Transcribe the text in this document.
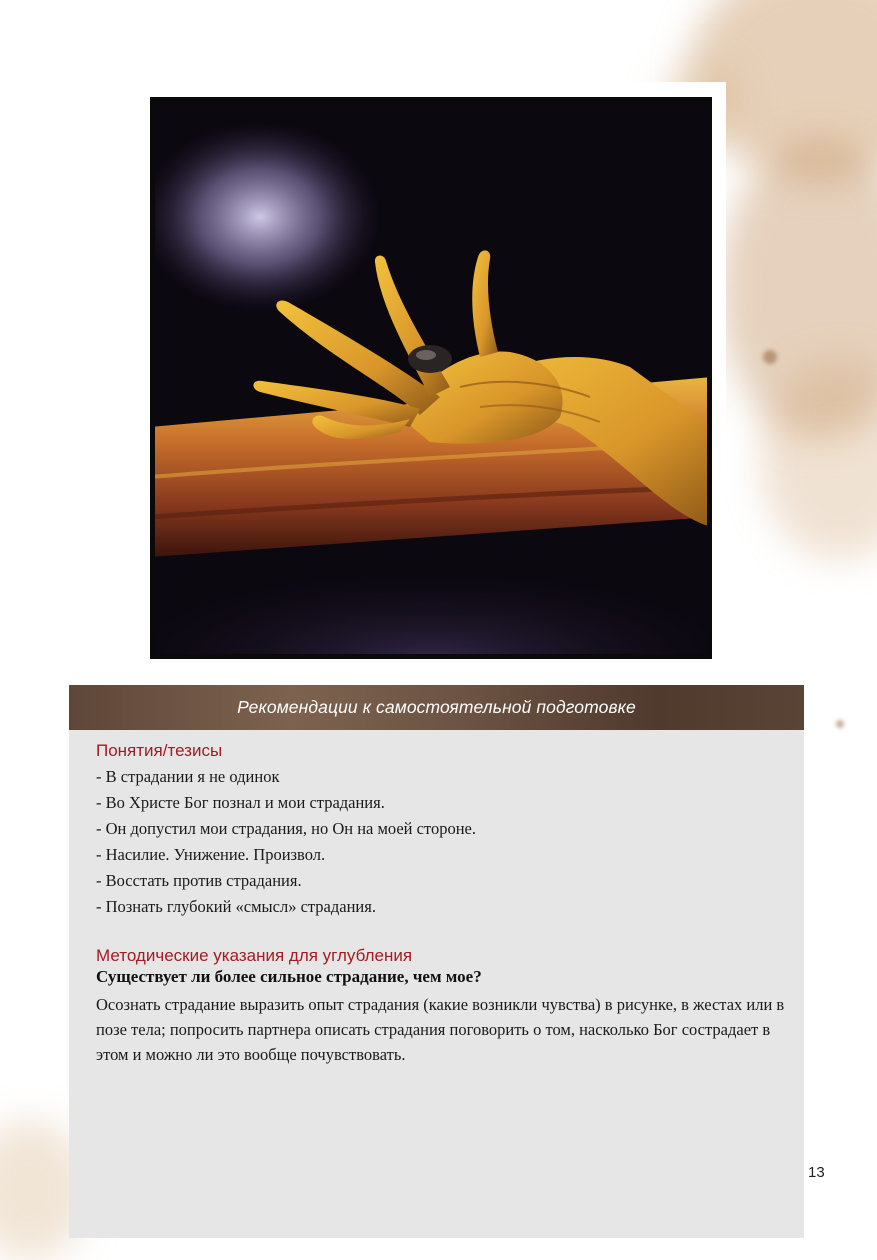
Рекомендации к самостоятельной подготовке
Понятия/тезисы
- В страдании я не одинок
- Во Христе Бог познал и мои страдания.
- Он допустил мои страдания, но Он на моей стороне.
- Насилие. Унижение. Произвол.
- Восстать против страдания.
- Познать глубокий «смысл» страдания.
Методические указания для углубления
Существует ли более сильное страдание, чем мое?

Осознать страдание выразить опыт страдания (какие возникли чувства) в рисунке, в жестах или в позе тела; попросить партнера описать страдания поговорить о том, насколько Бог сострадает в этом и можно ли это вообще почувствовать.

13
